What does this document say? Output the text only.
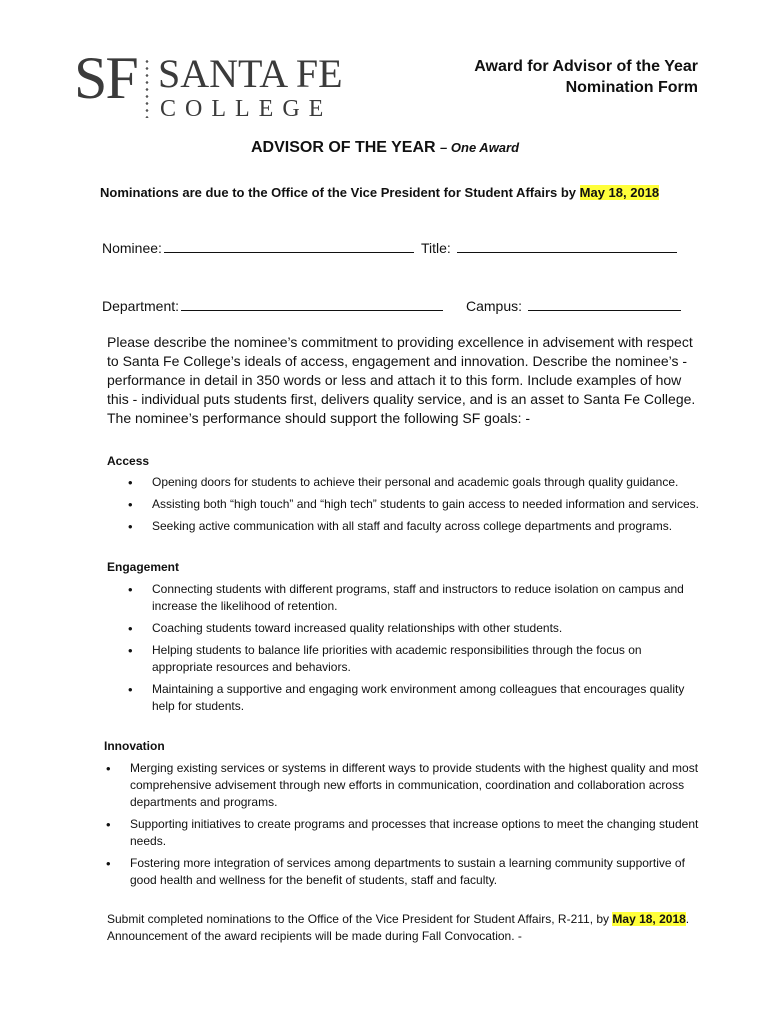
SF SANTA FE
COLLEGE
Award for Advisor of the Year
Nomination Form
ADVISOR OF THE YEAR – One Award
Nominations are due to the Office of the Vice President for Student Affairs by May 18, 2018
Nominee:	Title:
Department:	Campus:
Please describe the nominee’s commitment to providing excellence in advisement with respect to Santa Fe College’s ideals of access, engagement and innovation. Describe the nominee’s - performance in detail in 350 words or less and attach it to this form. Include examples of how this - individual puts students first, delivers quality service, and is an asset to Santa Fe College. The nominee’s performance should support the following SF goals: -
Access
• Opening doors for students to achieve their personal and academic goals through quality guidance.
• Assisting both “high touch” and “high tech” students to gain access to needed information and services.
• Seeking active communication with all staff and faculty across college departments and programs.
Engagement
• Connecting students with different programs, staff and instructors to reduce isolation on campus and increase the likelihood of retention.
• Coaching students toward increased quality relationships with other students.
• Helping students to balance life priorities with academic responsibilities through the focus on appropriate resources and behaviors.
• Maintaining a supportive and engaging work environment among colleagues that encourages quality help for students.
Innovation
• Merging existing services or systems in different ways to provide students with the highest quality and most comprehensive advisement through new efforts in communication, coordination and collaboration across departments and programs.
• Supporting initiatives to create programs and processes that increase options to meet the changing student needs.
• Fostering more integration of services among departments to sustain a learning community supportive of good health and wellness for the benefit of students, staff and faculty.
Submit completed nominations to the Office of the Vice President for Student Affairs, R-211, by May 18, 2018.
Announcement of the award recipients will be made during Fall Convocation. -
